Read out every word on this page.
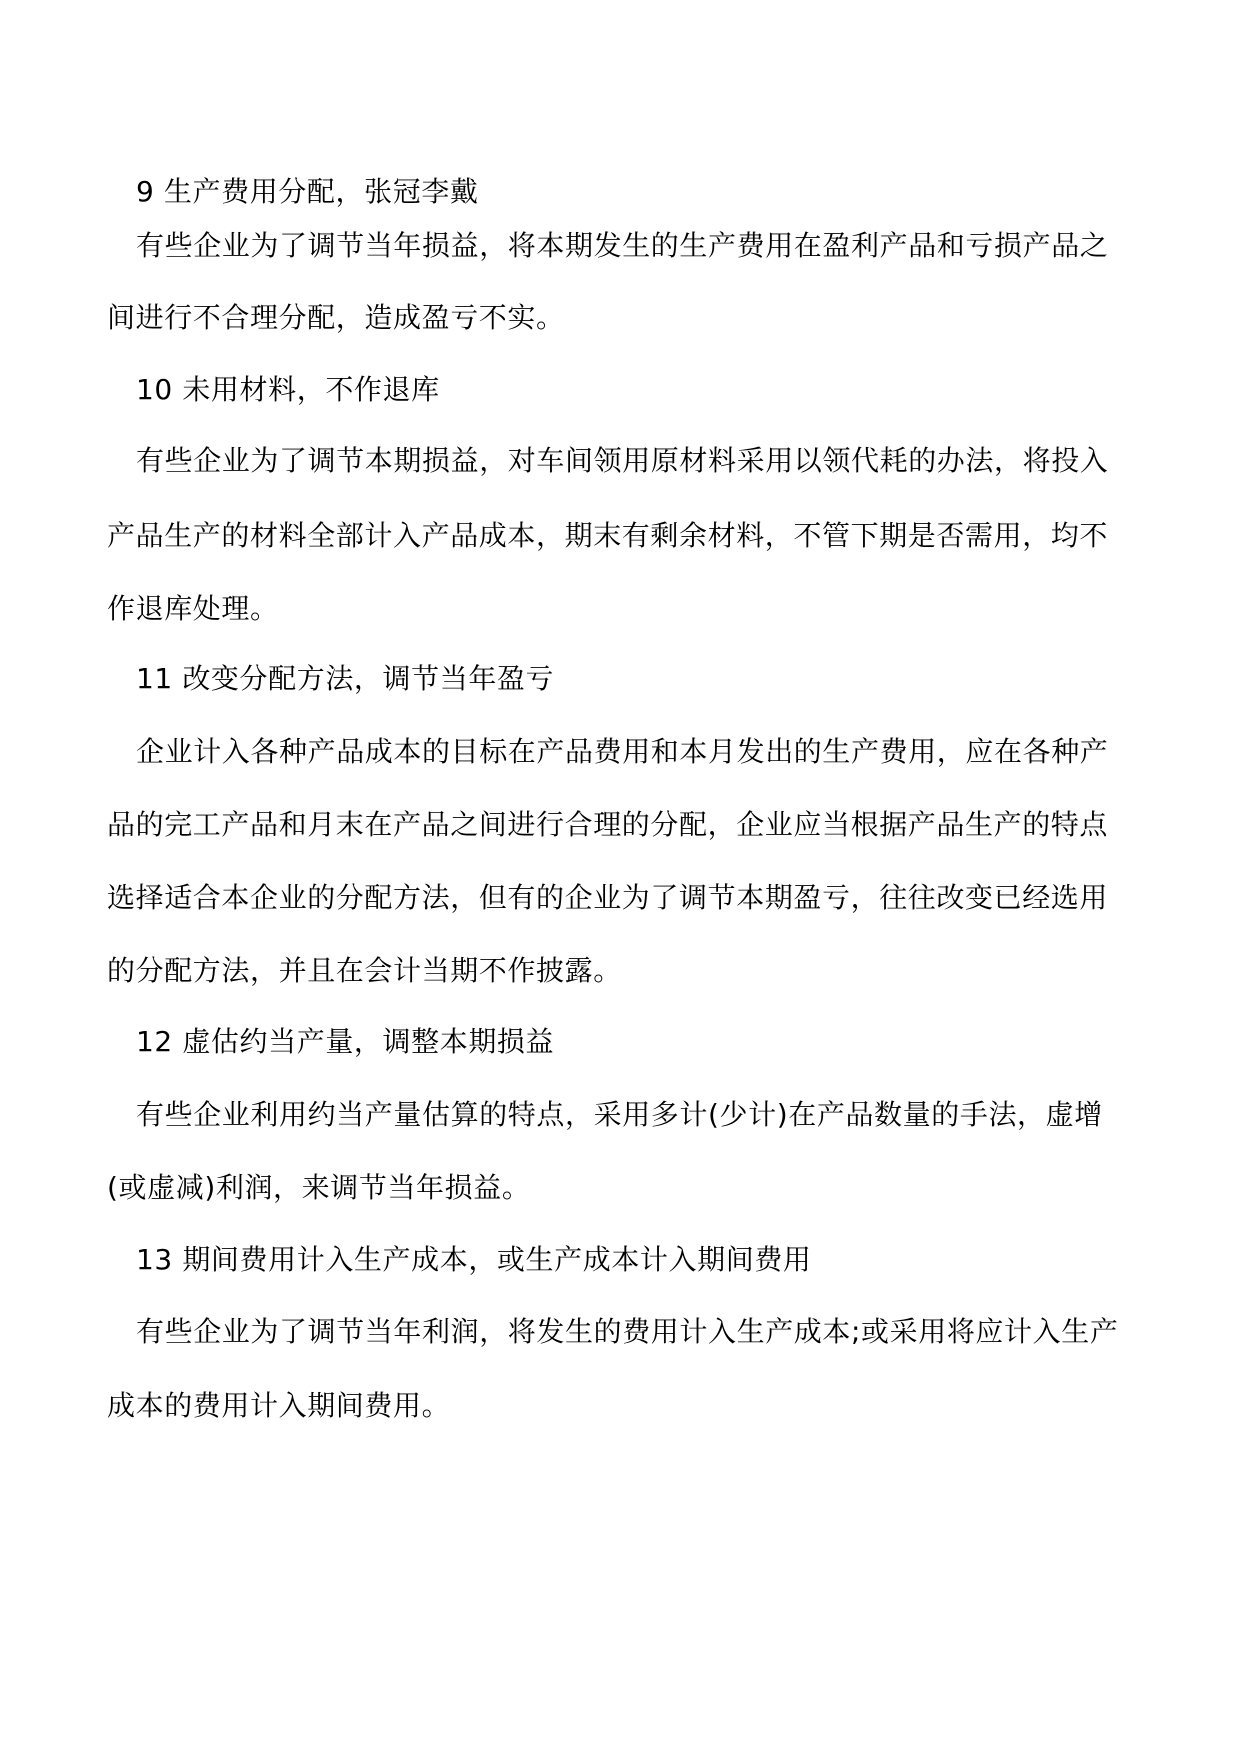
9 生产费用分配，张冠李戴
有些企业为了调节当年损益，将本期发生的生产费用在盈利产品和亏损产品之
间进行不合理分配，造成盈亏不实。
10 未用材料，不作退库
有些企业为了调节本期损益，对车间领用原材料采用以领代耗的办法，将投入
产品生产的材料全部计入产品成本，期末有剩余材料，不管下期是否需用，均不
作退库处理。
11 改变分配方法，调节当年盈亏
企业计入各种产品成本的目标在产品费用和本月发出的生产费用，应在各种产
品的完工产品和月末在产品之间进行合理的分配，企业应当根据产品生产的特点
选择适合本企业的分配方法，但有的企业为了调节本期盈亏，往往改变已经选用
的分配方法，并且在会计当期不作披露。
12 虚估约当产量，调整本期损益
有些企业利用约当产量估算的特点，采用多计(少计)在产品数量的手法，虚增
(或虚减)利润，来调节当年损益。
13 期间费用计入生产成本，或生产成本计入期间费用
有些企业为了调节当年利润，将发生的费用计入生产成本;或采用将应计入生产
成本的费用计入期间费用。
